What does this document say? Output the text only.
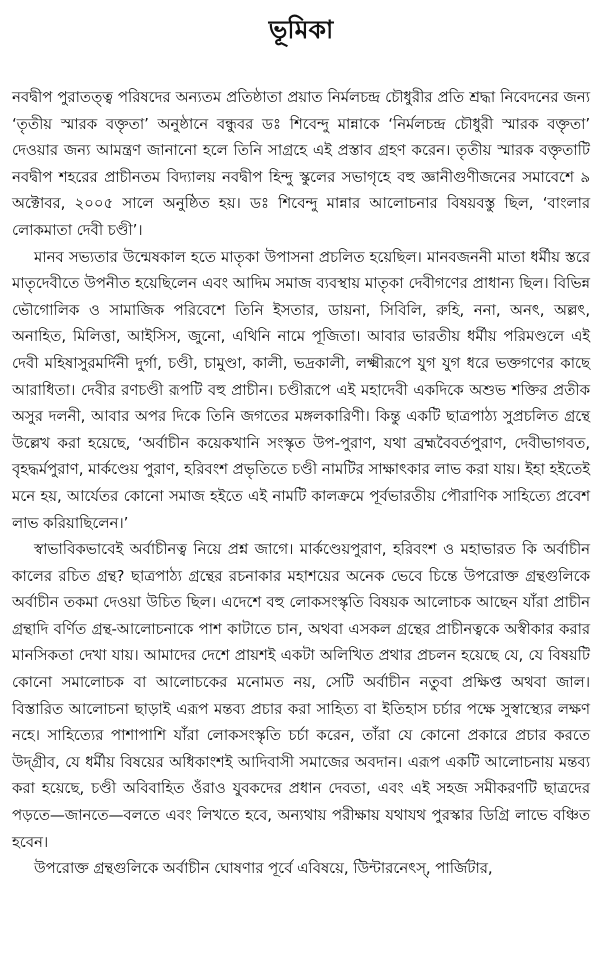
ভূমিকা

নবদ্বীপ পুরাতত্ত্ব পরিষদের অন্যতম প্রতিষ্ঠাতা প্রয়াত নির্মলচন্দ্র চৌধুরীর প্রতি শ্রদ্ধা নিবেদনের জন্য ‘তৃতীয় স্মারক বক্তৃতা’ অনুষ্ঠানে বন্ধুবর ডঃ শিবেন্দু মান্নাকে ‘নির্মলচন্দ্র চৌধুরী স্মারক বক্তৃতা’ দেওয়ার জন্য আমন্ত্রণ জানানো হলে তিনি সাগ্রহে এই প্রস্তাব গ্রহণ করেন। তৃতীয় স্মারক বক্তৃতাটি নবদ্বীপ শহরের প্রাচীনতম বিদ্যালয় নবদ্বীপ হিন্দু স্কুলের সভাগৃহে বহু জ্ঞানীগুণীজনের সমাবেশে ৯ অক্টোবর, ২০০৫ সালে অনুষ্ঠিত হয়। ডঃ শিবেন্দু মান্নার আলোচনার বিষয়বস্তু ছিল, ‘বাংলার লোকমাতা দেবী চণ্ডী’।

মানব সভ্যতার উন্মেষকাল হতে মাতৃকা উপাসনা প্রচলিত হয়েছিল। মানবজননী মাতা ধর্মীয় স্তরে মাতৃদেবীতে উপনীত হয়েছিলেন এবং আদিম সমাজ ব্যবস্থায় মাতৃকা দেবীগণের প্রাধান্য ছিল। বিভিন্ন ভৌগোলিক ও সামাজিক পরিবেশে তিনি ইসতার, ডায়না, সিবিলি, রুহি, ননা, অনৎ, অল্লৎ, অনাহিত, মিলিত্তা, আইসিস, জুনো, এথিনি নামে পূজিতা। আবার ভারতীয় ধর্মীয় পরিমণ্ডলে এই দেবী মহিষাসুরমর্দিনী দুর্গা, চণ্ডী, চামুণ্ডা, কালী, ভদ্রকালী, লক্ষ্মীরূপে যুগ যুগ ধরে ভক্তগণের কাছে আরাধিতা। দেবীর রণচণ্ডী রূপটি বহু প্রাচীন। চণ্ডীরূপে এই মহাদেবী একদিকে অশুভ শক্তির প্রতীক অসুর দলনী, আবার অপর দিকে তিনি জগতের মঙ্গলকারিণী। কিন্তু একটি ছাত্রপাঠ্য সুপ্রচলিত গ্রন্থে উল্লেখ করা হয়েছে, ‘অর্বাচীন কয়েকখানি সংস্কৃত উপ-পুরাণ, যথা ব্রহ্মবৈবর্তপুরাণ, দেবীভাগবত, বৃহদ্ধর্মপুরাণ, মার্কণ্ডেয় পুরাণ, হরিবংশ প্রভৃতিতে চণ্ডী নামটির সাক্ষাৎকার লাভ করা যায়। ইহা হইতেই মনে হয়, আর্যেতর কোনো সমাজ হইতে এই নামটি কালক্রমে পূর্বভারতীয় পৌরাণিক সাহিত্যে প্রবেশ লাভ করিয়াছিলেন।’

স্বাভাবিকভাবেই অর্বাচীনত্ব নিয়ে প্রশ্ন জাগে। মার্কণ্ডেয়পুরাণ, হরিবংশ ও মহাভারত কি অর্বাচীন কালের রচিত গ্রন্থ? ছাত্রপাঠ্য গ্রন্থের রচনাকার মহাশয়ের অনেক ভেবে চিন্তে উপরোক্ত গ্রন্থগুলিকে অর্বাচীন তকমা দেওয়া উচিত ছিল। এদেশে বহু লোকসংস্কৃতি বিষয়ক আলোচক আছেন যাঁরা প্রাচীন গ্রন্থাদি বর্ণিত গ্রন্থ-আলোচনাকে পাশ কাটাতে চান, অথবা এসকল গ্রন্থের প্রাচীনত্বকে অস্বীকার করার মানসিকতা দেখা যায়। আমাদের দেশে প্রায়শই একটা অলিখিত প্রথার প্রচলন হয়েছে যে, যে বিষয়টি কোনো সমালোচক বা আলোচকের মনোমত নয়, সেটি অর্বাচীন নতুবা প্রক্ষিপ্ত অথবা জাল। বিস্তারিত আলোচনা ছাড়াই এরূপ মন্তব্য প্রচার করা সাহিত্য বা ইতিহাস চর্চার পক্ষে সুস্বাস্থ্যের লক্ষণ নহে। সাহিত্যের পাশাপাশি যাঁরা লোকসংস্কৃতি চর্চা করেন, তাঁরা যে কোনো প্রকারে প্রচার করতে উদ্গ্রীব, যে ধর্মীয় বিষয়ের অধিকাংশই আদিবাসী সমাজের অবদান। এরূপ একটি আলোচনায় মন্তব্য করা হয়েছে, চণ্ডী অবিবাহিত ওঁরাও যুবকদের প্রধান দেবতা, এবং এই সহজ সমীকরণটি ছাত্রদের পড়তে—জানতে—বলতে এবং লিখতে হবে, অন্যথায় পরীক্ষায় যথাযথ পুরস্কার ডিগ্রি লাভে বঞ্চিত হবেন।

উপরোক্ত গ্রন্থগুলিকে অর্বাচীন ঘোষণার পূর্বে এবিষয়ে, উিন্টারনেৎস্, পার্জিটার,
